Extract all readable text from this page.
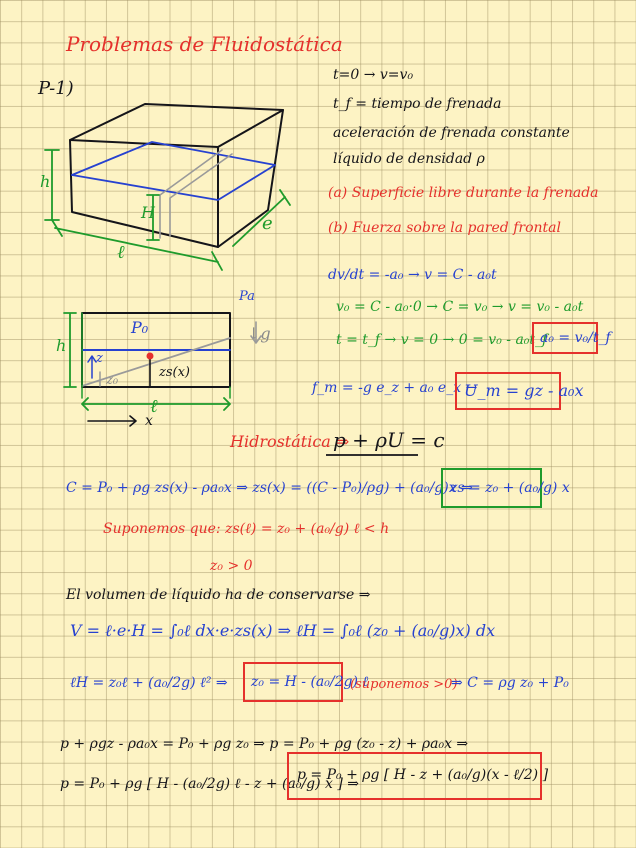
Problemas de Fluidostática
P-1)
t=0 → v=v₀
t_f = tiempo de frenada
aceleración de frenada constante
líquido de densidad ρ
(a) Superficie libre durante la frenada
(b) Fuerza sobre la pared frontal
h
H
ℓ
e
P₀
Pa
↓g
h
z
z₀
zs(x)
ℓ
x
dv/dt = -a₀ → v = C - a₀t
v₀ = C - a₀·0 → C = v₀ → v = v₀ - a₀t
t = t_f → v = 0 → 0 = v₀ - a₀t_f
a₀ = v₀/t_f
f_m = -g e_z + a₀ e_x →
U_m = gz - a₀x
Hidrostática ⇒
p + ρU = c
C = P₀ + ρg zs(x) - ρa₀x ⇒ zs(x) = ((C - P₀)/ρg) + (a₀/g)x ⇒
zs = z₀ + (a₀/g) x
Suponemos que: zs(ℓ) = z₀ + (a₀/g) ℓ < h
z₀ > 0
El volumen de líquido ha de conservarse ⇒
V = ℓ·e·H = ∫₀ℓ dx·e·zs(x) ⇒ ℓH = ∫₀ℓ (z₀ + (a₀/g)x) dx
ℓH = z₀ℓ + (a₀/2g) ℓ² ⇒ z₀ = H - (a₀/2g) ℓ
(suponemos >0)
⇒ C = ρg z₀ + P₀
p + ρgz - ρa₀x = P₀ + ρg z₀ ⇒ p = P₀ + ρg (z₀ - z) + ρa₀x ⇒
p = P₀ + ρg [ H - (a₀/2g) ℓ - z + (a₀/g) x ] ⇒
p = P₀ + ρg [ H - z + (a₀/g)(x - ℓ/2) ]
